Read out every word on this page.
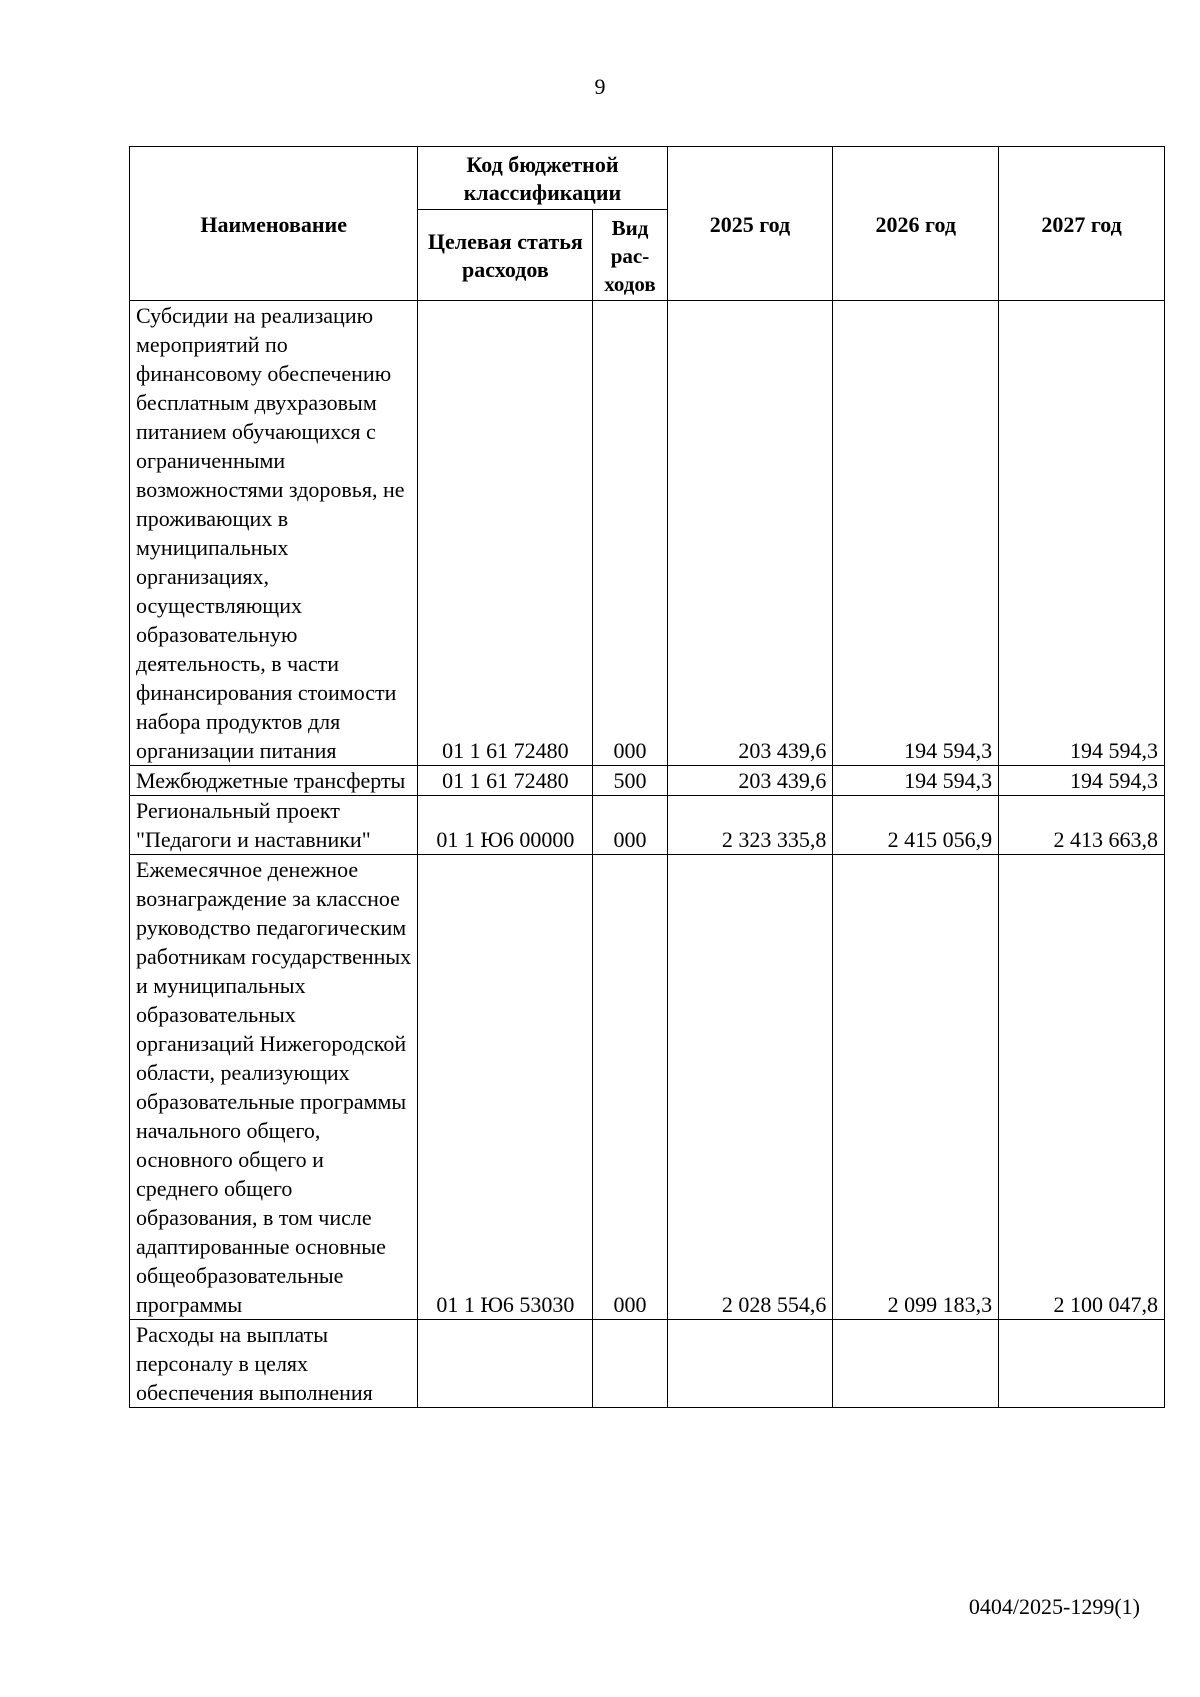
9
Наименование	Код бюджетной классификации		2025 год	2026 год	2027 год
	Целевая статья расходов	Вид рас-ходов			
Субсидии на реализацию мероприятий по финансовому обеспечению бесплатным двухразовым питанием обучающихся с ограниченными возможностями здоровья, не проживающих в муниципальных организациях, осуществляющих образовательную деятельность, в части финансирования стоимости набора продуктов для организации питания	01 1 61 72480	000	203 439,6	194 594,3	194 594,3
Межбюджетные трансферты	01 1 61 72480	500	203 439,6	194 594,3	194 594,3
Региональный проект "Педагоги и наставники"	01 1 Ю6 00000	000	2 323 335,8	2 415 056,9	2 413 663,8
Ежемесячное денежное вознаграждение за классное руководство педагогическим работникам государственных и муниципальных образовательных организаций Нижегородской области, реализующих образовательные программы начального общего, основного общего и среднего общего образования, в том числе адаптированные основные общеобразовательные программы	01 1 Ю6 53030	000	2 028 554,6	2 099 183,3	2 100 047,8
Расходы на выплаты персоналу в целях обеспечения выполнения					
0404/2025-1299(1)
